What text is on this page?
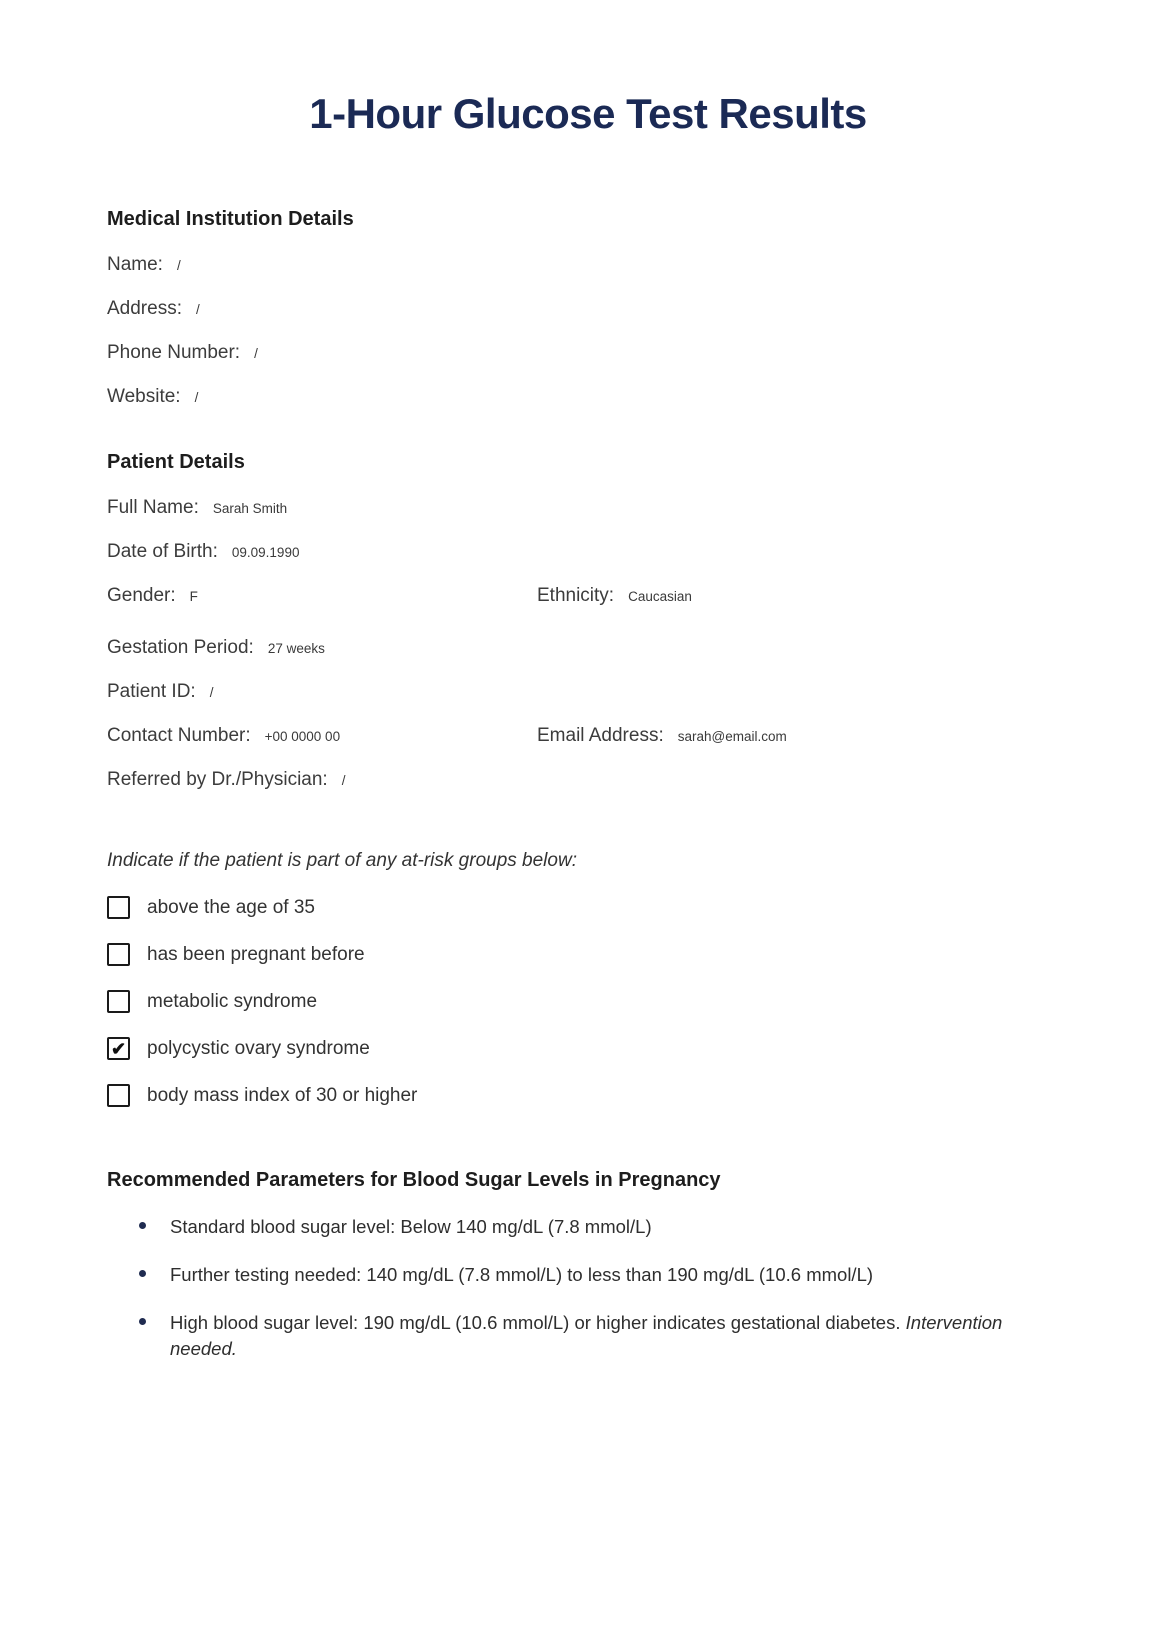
1-Hour Glucose Test Results
Medical Institution Details
Name: /
Address: /
Phone Number: /
Website: /
Patient Details
Full Name: Sarah Smith
Date of Birth: 09.09.1990
Gender: F	Ethnicity: Caucasian
Gestation Period: 27 weeks
Patient ID: /
Contact Number: +00 0000 00	Email Address: sarah@email.com
Referred by Dr./Physician: /
Indicate if the patient is part of any at-risk groups below:
above the age of 35
has been pregnant before
metabolic syndrome
✔ polycystic ovary syndrome
body mass index of 30 or higher
Recommended Parameters for Blood Sugar Levels in Pregnancy
Standard blood sugar level: Below 140 mg/dL (7.8 mmol/L)
Further testing needed: 140 mg/dL (7.8 mmol/L) to less than 190 mg/dL (10.6 mmol/L)
High blood sugar level: 190 mg/dL (10.6 mmol/L) or higher indicates gestational diabetes. Intervention needed.
